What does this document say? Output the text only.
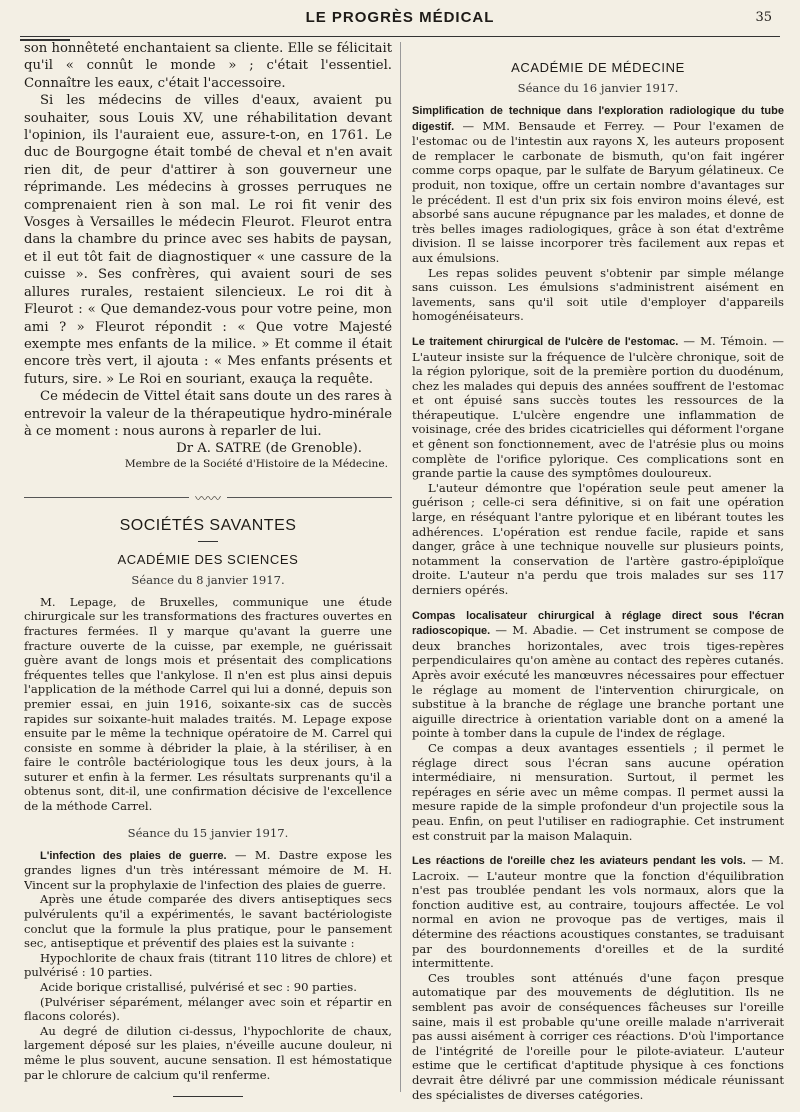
LE PROGRÈS MÉDICAL	35

son honnêteté enchantaient sa cliente. Elle se félicitait qu'il « connût le monde » ; c'était l'essentiel. Connaître les eaux, c'était l'accessoire.

Si les médecins de villes d'eaux, avaient pu souhaiter, sous Louis XV, une réhabilitation devant l'opinion, ils l'auraient eue, assure-t-on, en 1761. Le duc de Bourgogne était tombé de cheval et n'en avait rien dit, de peur d'attirer à son gouverneur une réprimande. Les médecins à grosses perruques ne comprenaient rien à son mal. Le roi fit venir des Vosges à Versailles le médecin Fleurot. Fleurot entra dans la chambre du prince avec ses habits de paysan, et il eut tôt fait de diagnostiquer « une cassure de la cuisse ». Ses confrères, qui avaient souri de ses allures rurales, restaient silencieux. Le roi dit à Fleurot : « Que demandez-vous pour votre peine, mon ami ? » Fleurot répondit : « Que votre Majesté exempte mes enfants de la milice. » Et comme il était encore très vert, il ajouta : « Mes enfants présents et futurs, sire. » Le Roi en souriant, exauça la requête.

Ce médecin de Vittel était sans doute un des rares à entrevoir la valeur de la thérapeutique hydro-minérale à ce moment : nous aurons à reparler de lui.

Dr A. SATRE (de Grenoble).

Membre de la Société d'Histoire de la Médecine.

〰〰
SOCIÉTÉS SAVANTES
ACADÉMIE DES SCIENCES
Séance du 8 janvier 1917.

M. Lepage, de Bruxelles, communique une étude chirurgicale sur les transformations des fractures ouvertes en fractures fermées. Il y marque qu'avant la guerre une fracture ouverte de la cuisse, par exemple, ne guérissait guère avant de longs mois et présentait des complications fréquentes telles que l'ankylose. Il n'en est plus ainsi depuis l'application de la méthode Carrel qui lui a donné, depuis son premier essai, en juin 1916, soixante-six cas de succès rapides sur soixante-huit malades traités. M. Lepage expose ensuite par le même la technique opératoire de M. Carrel qui consiste en somme à débrider la plaie, à la stériliser, à en faire le contrôle bactériologique tous les deux jours, à la suturer et enfin à la fermer. Les résultats surprenants qu'il a obtenus sont, dit-il, une confirmation décisive de l'excellence de la méthode Carrel.

Séance du 15 janvier 1917.

L'infection des plaies de guerre. — M. Dastre expose les grandes lignes d'un très intéressant mémoire de M. H. Vincent sur la prophylaxie de l'infection des plaies de guerre.

Après une étude comparée des divers antiseptiques secs pulvérulents qu'il a expérimentés, le savant bactériologiste conclut que la formule la plus pratique, pour le pansement sec, antiseptique et préventif des plaies est la suivante :

Hypochlorite de chaux frais (titrant 110 litres de chlore) et pulvérisé : 10 parties.

Acide borique cristallisé, pulvérisé et sec : 90 parties.

(Pulvériser séparément, mélanger avec soin et répartir en flacons colorés).

Au degré de dilution ci-dessus, l'hypochlorite de chaux, largement déposé sur les plaies, n'éveille aucune douleur, ni même le plus souvent, aucune sensation. Il est hémostatique par le chlorure de calcium qu'il renferme.

ACADÉMIE DE MÉDECINE
Séance du 16 janvier 1917.

Simplification de technique dans l'exploration radiologique du tube digestif. — MM. Bensaude et Ferrey. — Pour l'examen de l'estomac ou de l'intestin aux rayons X, les auteurs proposent de remplacer le carbonate de bismuth, qu'on fait ingérer comme corps opaque, par le sulfate de Baryum gélatineux. Ce produit, non toxique, offre un certain nombre d'avantages sur le précédent. Il est d'un prix six fois environ moins élevé, est absorbé sans aucune répugnance par les malades, et donne de très belles images radiologiques, grâce à son état d'extrême division. Il se laisse incorporer très facilement aux repas et aux émulsions.

Les repas solides peuvent s'obtenir par simple mélange sans cuisson. Les émulsions s'administrent aisément en lavements, sans qu'il soit utile d'employer d'appareils homogénéisateurs.

Le traitement chirurgical de l'ulcère de l'estomac. — M. Témoin. — L'auteur insiste sur la fréquence de l'ulcère chronique, soit de la région pylorique, soit de la première portion du duodénum, chez les malades qui depuis des années souffrent de l'estomac et ont épuisé sans succès toutes les ressources de la thérapeutique. L'ulcère engendre une inflammation de voisinage, crée des brides cicatricielles qui déforment l'organe et gênent son fonctionnement, avec de l'atrésie plus ou moins complète de l'orifice pylorique. Ces complications sont en grande partie la cause des symptômes douloureux.

L'auteur démontre que l'opération seule peut amener la guérison ; celle-ci sera définitive, si on fait une opération large, en réséquant l'antre pylorique et en libérant toutes les adhérences. L'opération est rendue facile, rapide et sans danger, grâce à une technique nouvelle sur plusieurs points, notamment la conservation de l'artère gastro-épiploïque droite. L'auteur n'a perdu que trois malades sur ses 117 derniers opérés.

Compas localisateur chirurgical à réglage direct sous l'écran radioscopique. — M. Abadie. — Cet instrument se compose de deux branches horizontales, avec trois tiges-repères perpendiculaires qu'on amène au contact des repères cutanés. Après avoir exécuté les manœuvres nécessaires pour effectuer le réglage au moment de l'intervention chirurgicale, on substitue à la branche de réglage une branche portant une aiguille directrice à orientation variable dont on a amené la pointe à tomber dans la cupule de l'index de réglage.

Ce compas a deux avantages essentiels ; il permet le réglage direct sous l'écran sans aucune opération intermédiaire, ni mensuration. Surtout, il permet les repérages en série avec un même compas. Il permet aussi la mesure rapide de la simple profondeur d'un projectile sous la peau. Enfin, on peut l'utiliser en radiographie. Cet instrument est construit par la maison Malaquin.

Les réactions de l'oreille chez les aviateurs pendant les vols. — M. Lacroix. — L'auteur montre que la fonction d'équilibration n'est pas troublée pendant les vols normaux, alors que la fonction auditive est, au contraire, toujours affectée. Le vol normal en avion ne provoque pas de vertiges, mais il détermine des réactions acoustiques constantes, se traduisant par des bourdonnements d'oreilles et de la surdité intermittente.

Ces troubles sont atténués d'une façon presque automatique par des mouvements de déglutition. Ils ne semblent pas avoir de conséquences fâcheuses sur l'oreille saine, mais il est probable qu'une oreille malade n'arriverait pas aussi aisément à corriger ces réactions. D'où l'importance de l'intégrité de l'oreille pour le pilote-aviateur. L'auteur estime que le certificat d'aptitude physique à ces fonctions devrait être délivré par une commission médicale réunissant des spécialistes de diverses catégories.
